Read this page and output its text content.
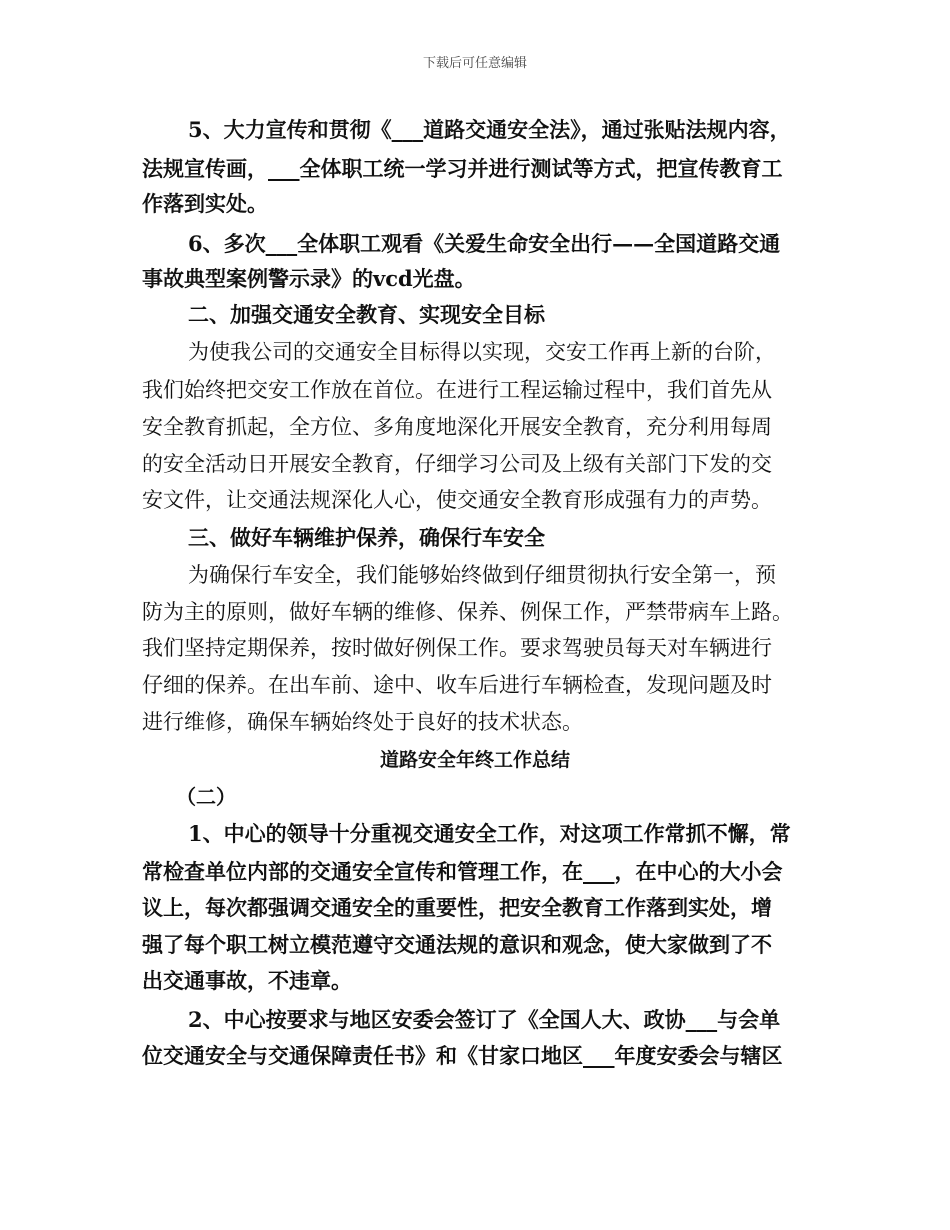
下载后可任意编辑
5、大力宣传和贯彻《___道路交通安全法》，通过张贴法规内容，
法规宣传画，___全体职工统一学习并进行测试等方式，把宣传教育工
作落到实处。
6、多次___全体职工观看《关爱生命安全出行——全国道路交通
事故典型案例警示录》的vcd光盘。
二、加强交通安全教育、实现安全目标
为使我公司的交通安全目标得以实现，交安工作再上新的台阶，
我们始终把交安工作放在首位。在进行工程运输过程中，我们首先从
安全教育抓起，全方位、多角度地深化开展安全教育，充分利用每周
的安全活动日开展安全教育，仔细学习公司及上级有关部门下发的交
安文件，让交通法规深化人心，使交通安全教育形成强有力的声势。
三、做好车辆维护保养，确保行车安全
为确保行车安全，我们能够始终做到仔细贯彻执行安全第一，预
防为主的原则，做好车辆的维修、保养、例保工作，严禁带病车上路。
我们坚持定期保养，按时做好例保工作。要求驾驶员每天对车辆进行
仔细的保养。在出车前、途中、收车后进行车辆检查，发现问题及时
进行维修，确保车辆始终处于良好的技术状态。
道路安全年终工作总结
（二）
1、中心的领导十分重视交通安全工作，对这项工作常抓不懈，常
常检查单位内部的交通安全宣传和管理工作，在___，在中心的大小会
议上，每次都强调交通安全的重要性，把安全教育工作落到实处，增
强了每个职工树立模范遵守交通法规的意识和观念，使大家做到了不
出交通事故，不违章。
2、中心按要求与地区安委会签订了《全国人大、政协___与会单
位交通安全与交通保障责任书》和《甘家口地区___年度安委会与辖区
